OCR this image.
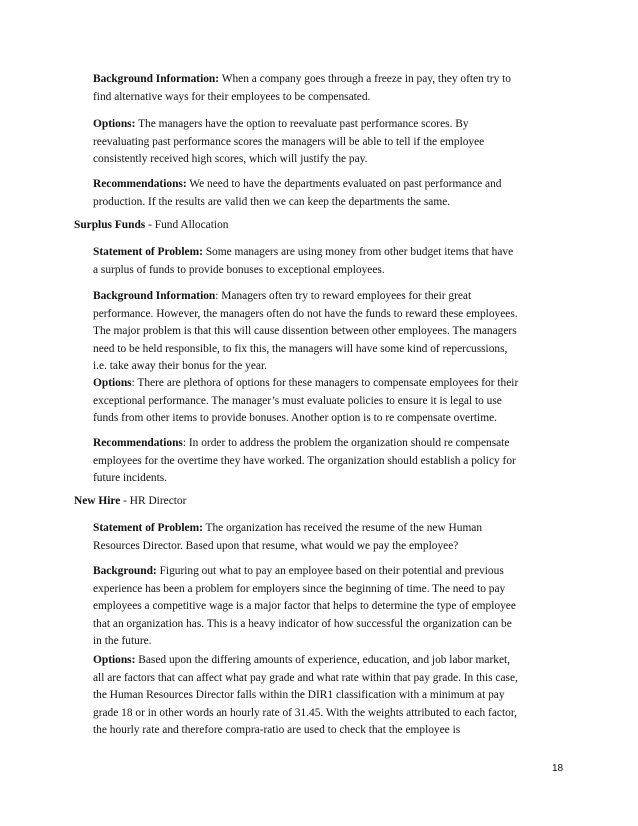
Background Information: When a company goes through a freeze in pay, they often try to

find alternative ways for their employees to be compensated.

Options: The managers have the option to reevaluate past performance scores. By

reevaluating past performance scores the managers will be able to tell if the employee

consistently received high scores, which will justify the pay.

Recommendations: We need to have the departments evaluated on past performance and

production. If the results are valid then we can keep the departments the same.

Surplus Funds - Fund Allocation

Statement of Problem: Some managers are using money from other budget items that have

a surplus of funds to provide bonuses to exceptional employees.

Background Information: Managers often try to reward employees for their great

performance. However, the managers often do not have the funds to reward these employees.

The major problem is that this will cause dissention between other employees. The managers

need to be held responsible, to fix this, the managers will have some kind of repercussions,

i.e. take away their bonus for the year.

Options: There are plethora of options for these managers to compensate employees for their

exceptional performance. The manager’s must evaluate policies to ensure it is legal to use

funds from other items to provide bonuses. Another option is to re compensate overtime.

Recommendations: In order to address the problem the organization should re compensate

employees for the overtime they have worked. The organization should establish a policy for

future incidents.

New Hire - HR Director

Statement of Problem: The organization has received the resume of the new Human

Resources Director. Based upon that resume, what would we pay the employee?

Background: Figuring out what to pay an employee based on their potential and previous

experience has been a problem for employers since the beginning of time. The need to pay

employees a competitive wage is a major factor that helps to determine the type of employee

that an organization has. This is a heavy indicator of how successful the organization can be

in the future.

Options: Based upon the differing amounts of experience, education, and job labor market,

all are factors that can affect what pay grade and what rate within that pay grade. In this case,

the Human Resources Director falls within the DIR1 classification with a minimum at pay

grade 18 or in other words an hourly rate of 31.45. With the weights attributed to each factor,

the hourly rate and therefore compra-ratio are used to check that the employee is

18
